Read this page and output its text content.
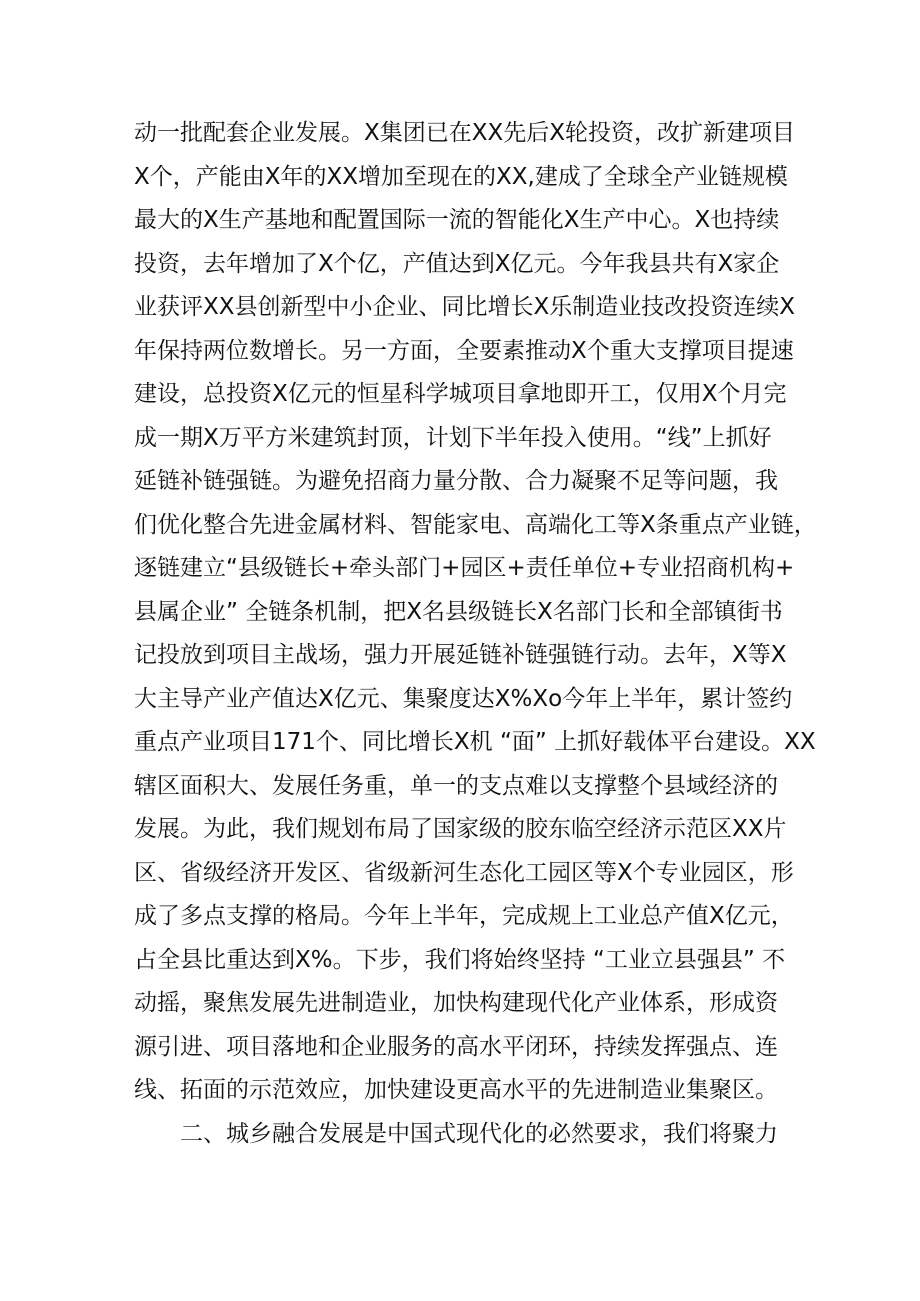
动一批配套企业发展。X集团已在XX先后X轮投资，改扩新建项目
X个，产能由X年的XX增加至现在的XX,建成了全球全产业链规模
最大的X生产基地和配置国际一流的智能化X生产中心。X也持续
投资，去年增加了X个亿，产值达到X亿元。今年我县共有X家企
业获评XX县创新型中小企业、同比增长X乐制造业技改投资连续X
年保持两位数增长。另一方面，全要素推动X个重大支撑项目提速
建设，总投资X亿元的恒星科学城项目拿地即开工，仅用X个月完
成一期X万平方米建筑封顶，计划下半年投入使用。“线”上抓好
延链补链强链。为避免招商力量分散、合力凝聚不足等问题，我
们优化整合先进金属材料、智能家电、高端化工等X条重点产业链，
逐链建立“县级链长+牵头部门+园区+责任单位+专业招商机构+
县属企业” 全链条机制，把X名县级链长X名部门长和全部镇街书
记投放到项目主战场，强力开展延链补链强链行动。去年，X等X
大主导产业产值达X亿元、集聚度达X%Xo今年上半年，累计签约
重点产业项目171个、同比增长X机 “面” 上抓好载体平台建设。XX
辖区面积大、发展任务重，单一的支点难以支撑整个县域经济的
发展。为此，我们规划布局了国家级的胶东临空经济示范区XX片
区、省级经济开发区、省级新河生态化工园区等X个专业园区，形
成了多点支撑的格局。今年上半年，完成规上工业总产值X亿元，
占全县比重达到X%。下步，我们将始终坚持 “工业立县强县” 不
动摇，聚焦发展先进制造业，加快构建现代化产业体系，形成资
源引进、项目落地和企业服务的高水平闭环，持续发挥强点、连
线、拓面的示范效应，加快建设更高水平的先进制造业集聚区。
二、城乡融合发展是中国式现代化的必然要求，我们将聚力
